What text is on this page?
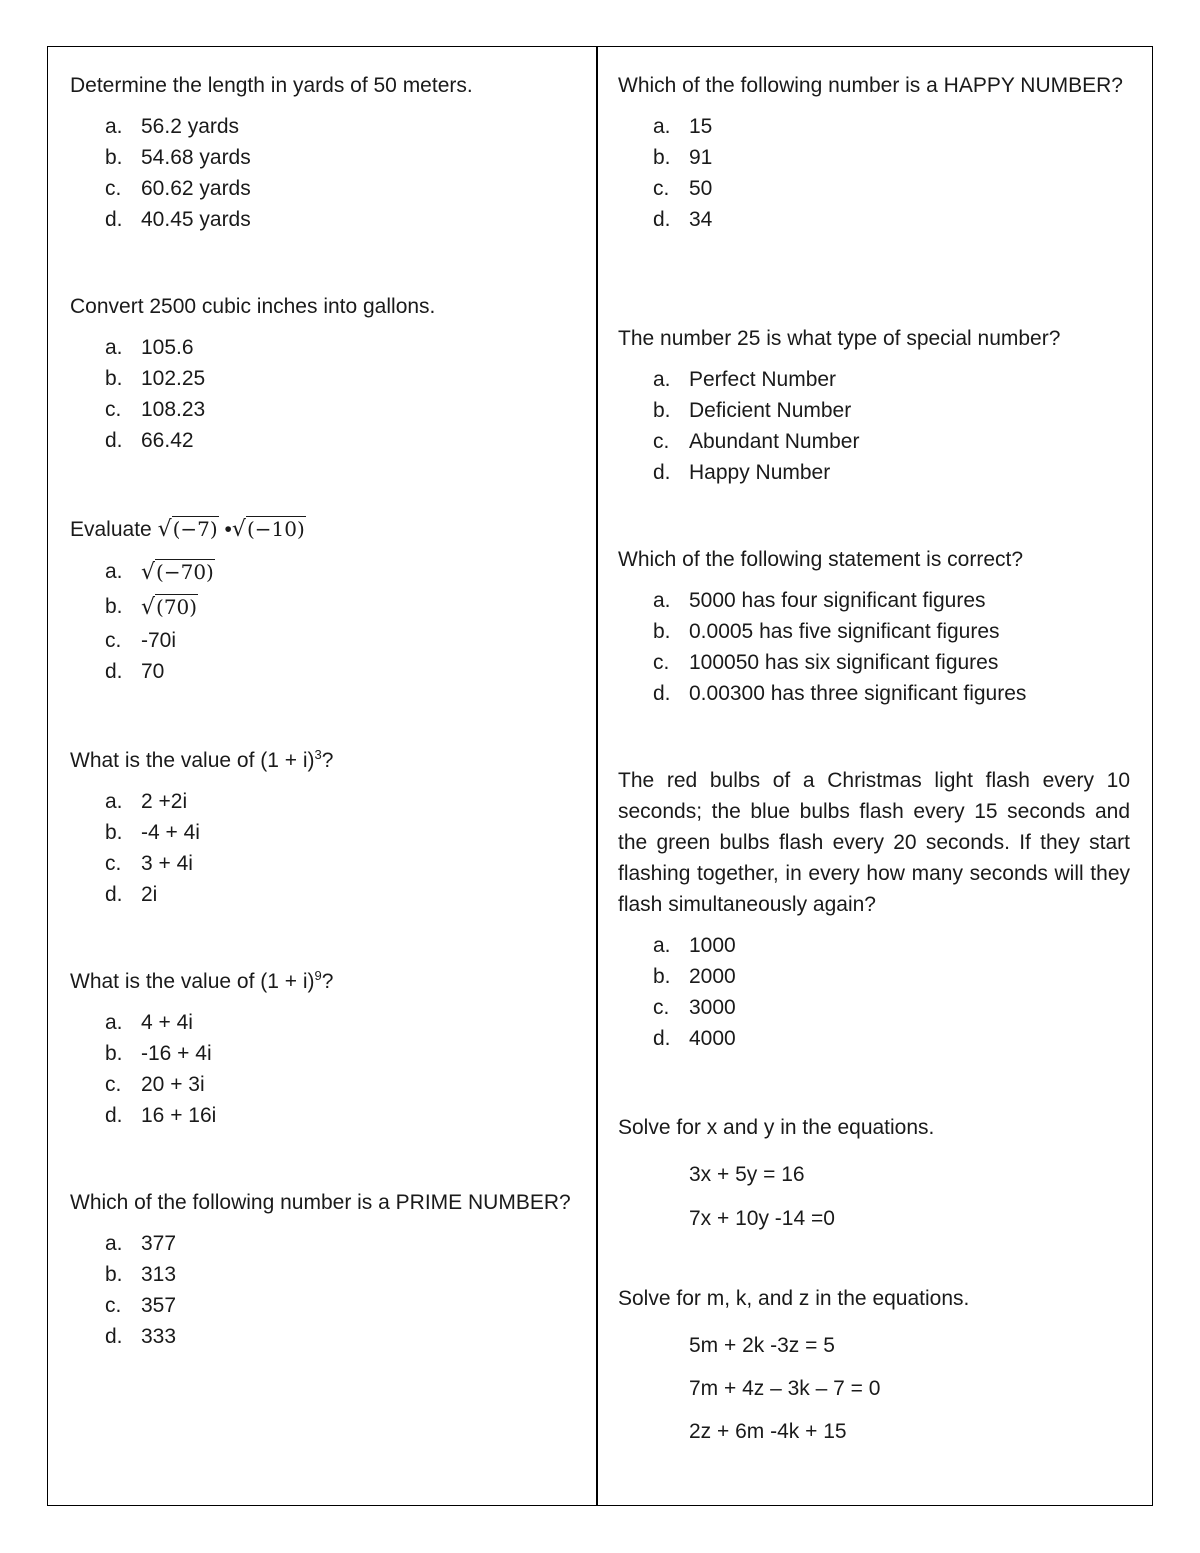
Determine the length in yards of 50 meters.

a. 56.2 yards
b. 54.68 yards
c. 60.62 yards
d. 40.45 yards

Convert 2500 cubic inches into gallons.

a. 105.6
b. 102.25
c. 108.23
d. 66.42

Evaluate √(−7) •√(−10)

a. √(−70)
b. √(70)
c. -70i
d. 70

What is the value of $(1 + i)^3$?

a. 2 +2i
b. -4 + 4i
c. 3 + 4i
d. 2i

What is the value of $(1 + i)^9$?

a. 4 + 4i
b. -16 + 4i
c. 20 + 3i
d. 16 + 16i

Which of the following number is a PRIME NUMBER?

a. 377
b. 313
c. 357
d. 333

Which of the following number is a HAPPY NUMBER?

a. 15
b. 91
c. 50
d. 34

The number 25 is what type of special number?

a. Perfect Number
b. Deficient Number
c. Abundant Number
d. Happy Number

Which of the following statement is correct?

a. 5000 has four significant figures
b. 0.0005 has five significant figures
c. 100050 has six significant figures
d. 0.00300 has three significant figures

The red bulbs of a Christmas light flash every 10 seconds; the blue bulbs flash every 15 seconds and the green bulbs flash every 20 seconds. If they start flashing together, in every how many seconds will they flash simultaneously again?

a. 1000
b. 2000
c. 3000
d. 4000

Solve for x and y in the equations.

3x + 5y = 16
7x + 10y -14 =0

Solve for m, k, and z in the equations.

5m + 2k -3z = 5
7m + 4z – 3k – 7 = 0
2z + 6m -4k + 15
